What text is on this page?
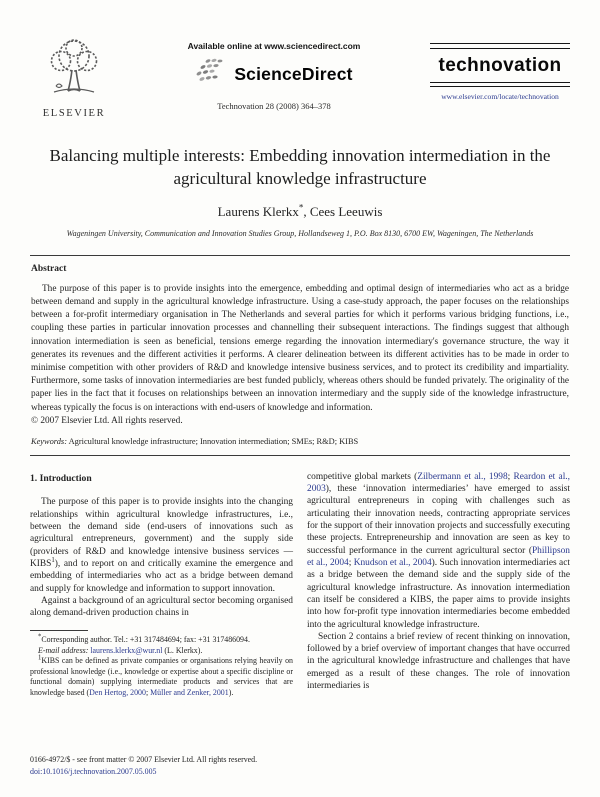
ELSEVIER
Available online at www.sciencedirect.com
ScienceDirect
Technovation 28 (2008) 364–378
technovation
www.elsevier.com/locate/technovation
Balancing multiple interests: Embedding innovation intermediation in the agricultural knowledge infrastructure
Laurens Klerkx*, Cees Leeuwis
Wageningen University, Communication and Innovation Studies Group, Hollandseweg 1, P.O. Box 8130, 6700 EW, Wageningen, The Netherlands
Abstract

The purpose of this paper is to provide insights into the emergence, embedding and optimal design of intermediaries who act as a bridge between demand and supply in the agricultural knowledge infrastructure. Using a case-study approach, the paper focuses on the relationships between a for-profit intermediary organisation in The Netherlands and several parties for which it performs various bridging functions, i.e., coupling these parties in particular innovation processes and channelling their subsequent interactions. The findings suggest that although innovation intermediation is seen as beneficial, tensions emerge regarding the innovation intermediary's governance structure, the way it generates its revenues and the different activities it performs. A clearer delineation between its different activities has to be made in order to minimise competition with other providers of R&D and knowledge intensive business services, and to protect its credibility and impartiality. Furthermore, some tasks of innovation intermediaries are best funded publicly, whereas others should be funded privately. The originality of the paper lies in the fact that it focuses on relationships between an innovation intermediary and the supply side of the knowledge infrastructure, whereas typically the focus is on interactions with end-users of knowledge and information.

© 2007 Elsevier Ltd. All rights reserved.

Keywords: Agricultural knowledge infrastructure; Innovation intermediation; SMEs; R&D; KIBS
1. Introduction

The purpose of this paper is to provide insights into the changing relationships within agricultural knowledge infrastructures, i.e., between the demand side (end-users of innovations such as agricultural entrepreneurs, government) and the supply side (providers of R&D and knowledge intensive business services — KIBS$^1$), and to report on and critically examine the emergence and embedding of intermediaries who act as a bridge between demand and supply for knowledge and information to support innovation.

Against a background of an agricultural sector becoming organised along demand-driven production chains in

*Corresponding author. Tel.: +31 317484694; fax: +31 317486094.

E-mail address: laurens.klerkx@wur.nl (L. Klerkx).

$^1$KIBS can be defined as private companies or organisations relying heavily on professional knowledge (i.e., knowledge or expertise about a specific discipline or functional domain) supplying intermediate products and services that are knowledge based (Den Hertog, 2000; Müller and Zenker, 2001).

competitive global markets (Zilbermann et al., 1998; Reardon et al., 2003), these ‘innovation intermediaries’ have emerged to assist agricultural entrepreneurs in coping with challenges such as articulating their innovation needs, contracting appropriate services for the support of their innovation projects and successfully executing these projects. Entrepreneurship and innovation are seen as key to successful performance in the current agricultural sector (Phillipson et al., 2004; Knudson et al., 2004). Such innovation intermediaries act as a bridge between the demand side and the supply side of the agricultural knowledge infrastructure. As innovation intermediation can itself be considered a KIBS, the paper aims to provide insights into how for-profit type innovation intermediaries become embedded into the agricultural knowledge infrastructure.

Section 2 contains a brief review of recent thinking on innovation, followed by a brief overview of important changes that have occurred in the agricultural knowledge infrastructure and challenges that have emerged as a result of these changes. The role of innovation intermediaries is

0166-4972/$ - see front matter © 2007 Elsevier Ltd. All rights reserved.
doi:10.1016/j.technovation.2007.05.005
